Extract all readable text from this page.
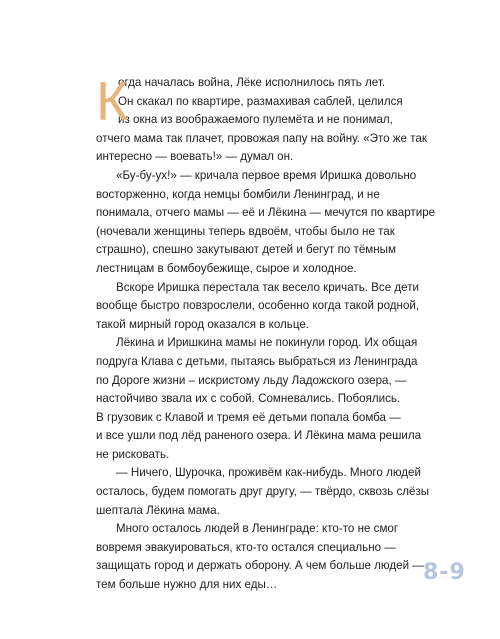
К
огда началась война, Лёке исполнилось пять лет.
Он скакал по квартире, размахивая саблей, целился
из окна из воображаемого пулемёта и не понимал,
отчего мама так плачет, провожая папу на войну. «Это же так
интересно — воевать!» — думал он.
«Бу-бу-ух!» — кричала первое время Иришка довольно
восторженно, когда немцы бомбили Ленинград, и не
понимала, отчего мамы — её и Лёкина — мечутся по квартире
(ночевали женщины теперь вдвоём, чтобы было не так
страшно), спешно закутывают детей и бегут по тёмным
лестницам в бомбоубежище, сырое и холодное.
Вскоре Иришка перестала так весело кричать. Все дети
вообще быстро повзрослели, особенно когда такой родной,
такой мирный город оказался в кольце.
Лёкина и Иришкина мамы не покинули город. Их общая
подруга Клава с детьми, пытаясь выбраться из Ленинграда
по Дороге жизни – искристому льду Ладожского озера, —
настойчиво звала их с собой. Сомневались. Побоялись.
В грузовик с Клавой и тремя её детьми попала бомба —
и все ушли под лёд раненого озера. И Лёкина мама решила
не рисковать.
— Ничего, Шурочка, проживём как-нибудь. Много людей
осталось, будем помогать друг другу, — твёрдо, сквозь слёзы
шептала Лёкина мама.
Много осталось людей в Ленинграде: кто-то не смог
вовремя эвакуироваться, кто-то остался специально —
защищать город и держать оборону. А чем больше людей —
тем больше нужно для них еды…	8-9
